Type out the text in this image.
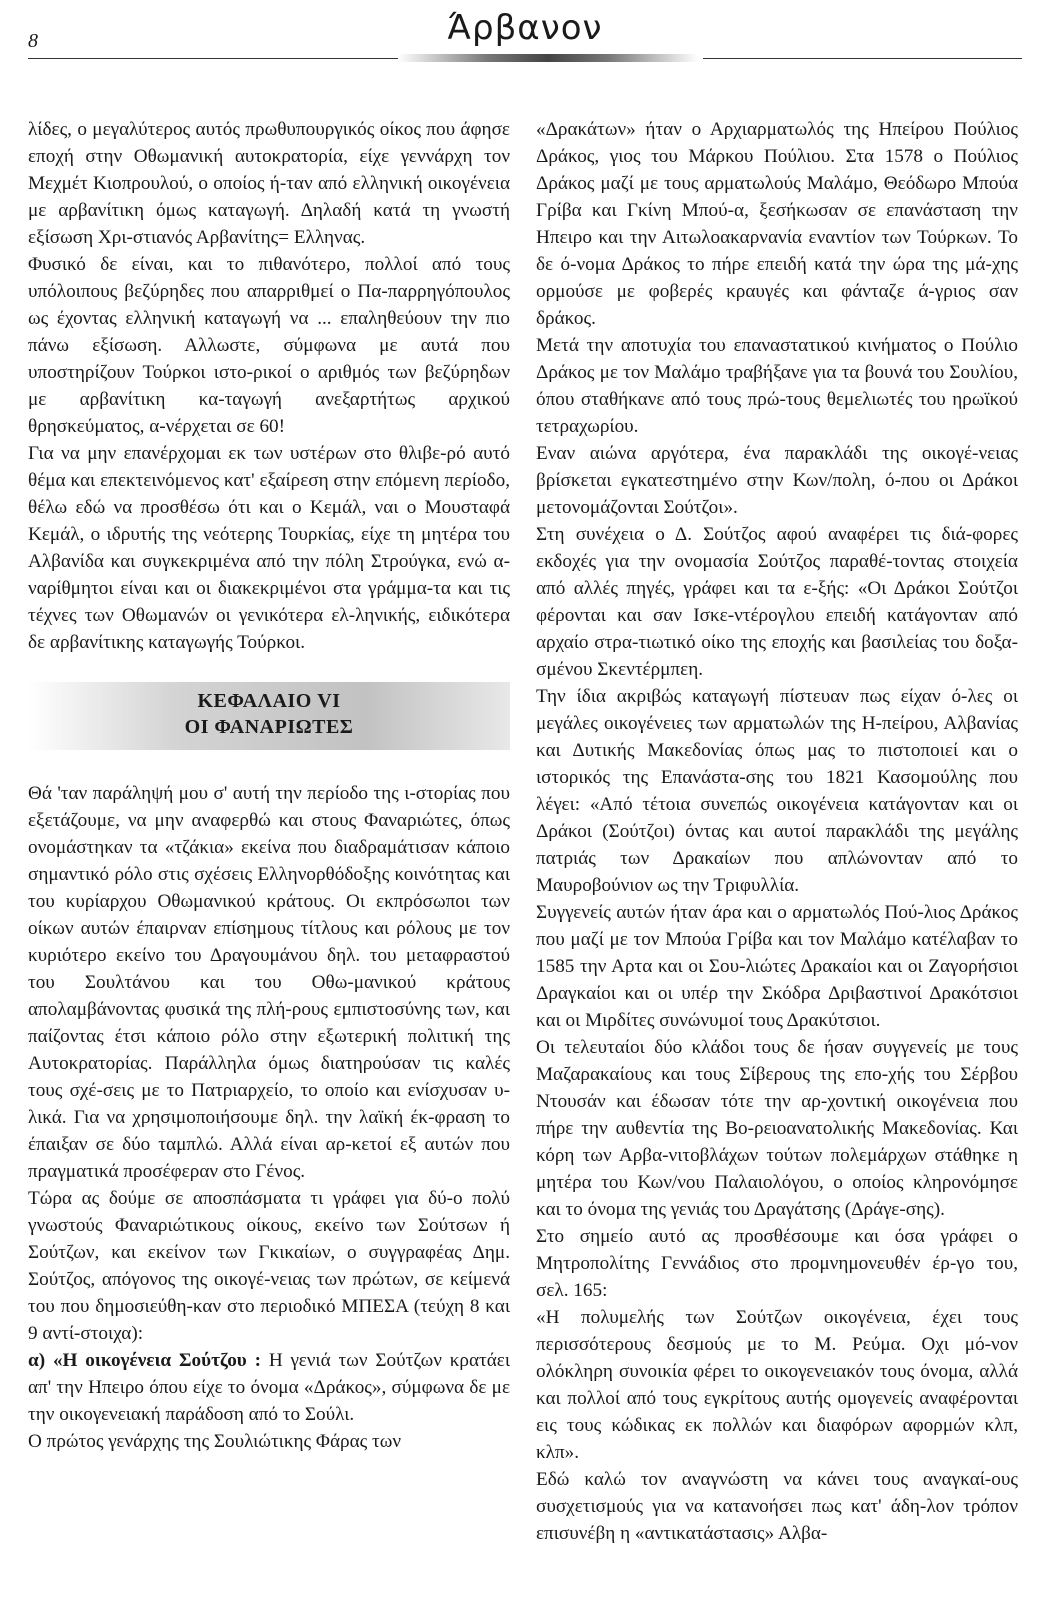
8	Άρβανον

λίδες, ο μεγαλύτερος αυτός πρωθυπουργικός οίκος που άφησε εποχή στην Οθωμανική αυτοκρατορία, είχε γεννάρχη τον Μεχμέτ Κιοπρουλού, ο οποίος ή-ταν από ελληνική οικογένεια με αρβανίτικη όμως καταγωγή. Δηλαδή κατά τη γνωστή εξίσωση Χρι-στιανός Αρβανίτης= Ελληνας.

Φυσικό δε είναι, και το πιθανότερο, πολλοί από τους υπόλοιπους βεζύρηδες που απαρριθμεί ο Πα-παρρηγόπουλος ως έχοντας ελληνική καταγωγή να ... επαληθεύουν την πιο πάνω εξίσωση. Αλλωστε, σύμφωνα με αυτά που υποστηρίζουν Τούρκοι ιστο-ρικοί ο αριθμός των βεζύρηδων με αρβανίτικη κα-ταγωγή ανεξαρτήτως αρχικού θρησκεύματος, α-νέρχεται σε 60!

Για να μην επανέρχομαι εκ των υστέρων στο θλιβε-ρό αυτό θέμα και επεκτεινόμενος κατ' εξαίρεση στην επόμενη περίοδο, θέλω εδώ να προσθέσω ότι και ο Κεμάλ, ναι ο Μουσταφά Κεμάλ, ο ιδρυτής της νεότερης Τουρκίας, είχε τη μητέρα του Αλβανίδα και συγκεκριμένα από την πόλη Στρούγκα, ενώ α-ναρίθμητοι είναι και οι διακεκριμένοι στα γράμμα-τα και τις τέχνες των Οθωμανών οι γενικότερα ελ-ληνικής, ειδικότερα δε αρβανίτικης καταγωγής Τούρκοι.

ΚΕΦΑΛΑΙΟ VI
ΟΙ ΦΑΝΑΡΙΩΤΕΣ

Θά 'ταν παράληψή μου σ' αυτή την περίοδο της ι-στορίας που εξετάζουμε, να μην αναφερθώ και στους Φαναριώτες, όπως ονομάστηκαν τα «τζάκια» εκείνα που διαδραμάτισαν κάποιο σημαντικό ρόλο στις σχέσεις Ελληνορθόδοξης κοινότητας και του κυρίαρχου Οθωμανικού κράτους. Οι εκπρόσωποι των οίκων αυτών έπαιρναν επίσημους τίτλους και ρόλους με τον κυριότερο εκείνο του Δραγουμάνου δηλ. του μεταφραστού του Σουλτάνου και του Οθω-μανικού κράτους απολαμβάνοντας φυσικά της πλή-ρους εμπιστοσύνης των, και παίζοντας έτσι κάποιο ρόλο στην εξωτερική πολιτική της Αυτοκρατορίας. Παράλληλα όμως διατηρούσαν τις καλές τους σχέ-σεις με το Πατριαρχείο, το οποίο και ενίσχυσαν υ-λικά. Για να χρησιμοποιήσουμε δηλ. την λαϊκή έκ-φραση το έπαιξαν σε δύο ταμπλώ. Αλλά είναι αρ-κετοί εξ αυτών που πραγματικά προσέφεραν στο Γένος.

Τώρα ας δούμε σε αποσπάσματα τι γράφει για δύ-ο πολύ γνωστούς Φαναριώτικους οίκους, εκείνο των Σούτσων ή Σούτζων, και εκείνον των Γκικαίων, ο συγγραφέας Δημ. Σούτζος, απόγονος της οικογέ-νειας των πρώτων, σε κείμενά του που δημοσιεύθη-καν στο περιοδικό ΜΠΕΣΑ (τεύχη 8 και 9 αντί-στοιχα):

α) «Η οικογένεια Σούτζου : Η γενιά των Σούτζων κρατάει απ' την Ηπειρο όπου είχε το όνομα «Δράκος», σύμφωνα δε με την οικογενειακή παράδοση από το Σούλι.

Ο πρώτος γενάρχης της Σουλιώτικης Φάρας των

«Δρακάτων» ήταν ο Αρχιαρματωλός της Ηπείρου Πούλιος Δράκος, γιος του Μάρκου Πούλιου. Στα 1578 ο Πούλιος Δράκος μαζί με τους αρματωλούς Μαλάμο, Θεόδωρο Μπούα Γρίβα και Γκίνη Μπού-α, ξεσήκωσαν σε επανάσταση την Ηπειρο και την Αιτωλοακαρνανία εναντίον των Τούρκων. Το δε ό-νομα Δράκος το πήρε επειδή κατά την ώρα της μά-χης ορμούσε με φοβερές κραυγές και φάνταζε ά-γριος σαν δράκος.

Μετά την αποτυχία του επαναστατικού κινήματος ο Πούλιο Δράκος με τον Μαλάμο τραβήξανε για τα βουνά του Σουλίου, όπου σταθήκανε από τους πρώ-τους θεμελιωτές του ηρωϊκού τετραχωρίου.

Εναν αιώνα αργότερα, ένα παρακλάδι της οικογέ-νειας βρίσκεται εγκατεστημένο στην Κων/πολη, ό-που οι Δράκοι μετονομάζονται Σούτζοι».

Στη συνέχεια ο Δ. Σούτζος αφού αναφέρει τις διά-φορες εκδοχές για την ονομασία Σούτζος παραθέ-τοντας στοιχεία από αλλές πηγές, γράφει και τα ε-ξής: «Οι Δράκοι Σούτζοι φέρονται και σαν Ισκε-ντέρογλου επειδή κατάγονταν από αρχαίο στρα-τιωτικό οίκο της εποχής και βασιλείας του δοξα-σμένου Σκεντέρμπεη.

Την ίδια ακριβώς καταγωγή πίστευαν πως είχαν ό-λες οι μεγάλες οικογένειες των αρματωλών της Η-πείρου, Αλβανίας και Δυτικής Μακεδονίας όπως μας το πιστοποιεί και ο ιστορικός της Επανάστα-σης του 1821 Κασομούλης που λέγει: «Από τέτοια συνεπώς οικογένεια κατάγονταν και οι Δράκοι (Σούτζοι) όντας και αυτοί παρακλάδι της μεγάλης πατριάς των Δρακαίων που απλώνονταν από το Μαυροβούνιον ως την Τριφυλλία.

Συγγενείς αυτών ήταν άρα και ο αρματωλός Πού-λιος Δράκος που μαζί με τον Μπούα Γρίβα και τον Μαλάμο κατέλαβαν το 1585 την Αρτα και οι Σου-λιώτες Δρακαίοι και οι Ζαγορήσιοι Δραγκαίοι και οι υπέρ την Σκόδρα Δριβαστινοί Δρακότσιοι και οι Μιρδίτες συνώνυμοί τους Δρακύτσιοι.

Οι τελευταίοι δύο κλάδοι τους δε ήσαν συγγενείς με τους Μαζαρακαίους και τους Σίβερους της επο-χής του Σέρβου Ντουσάν και έδωσαν τότε την αρ-χοντική οικογένεια που πήρε την αυθεντία της Βο-ρειοανατολικής Μακεδονίας. Και κόρη των Αρβα-νιτοβλάχων τούτων πολεμάρχων στάθηκε η μητέρα του Κων/νου Παλαιολόγου, ο οποίος κληρονόμησε και το όνομα της γενιάς του Δραγάτσης (Δράγε-σης).

Στο σημείο αυτό ας προσθέσουμε και όσα γράφει ο Μητροπολίτης Γεννάδιος στο προμνημονευθέν έρ-γο του, σελ. 165:

«Η πολυμελής των Σούτζων οικογένεια, έχει τους περισσότερους δεσμούς με το Μ. Ρεύμα. Οχι μό-νον ολόκληρη συνοικία φέρει το οικογενειακόν τους όνομα, αλλά και πολλοί από τους εγκρίτους αυτής ομογενείς αναφέρονται εις τους κώδικας εκ πολλών και διαφόρων αφορμών κλπ, κλπ».

Εδώ καλώ τον αναγνώστη να κάνει τους αναγκαί-ους συσχετισμούς για να κατανοήσει πως κατ' άδη-λον τρόπον επισυνέβη η «αντικατάστασις» Αλβα-
